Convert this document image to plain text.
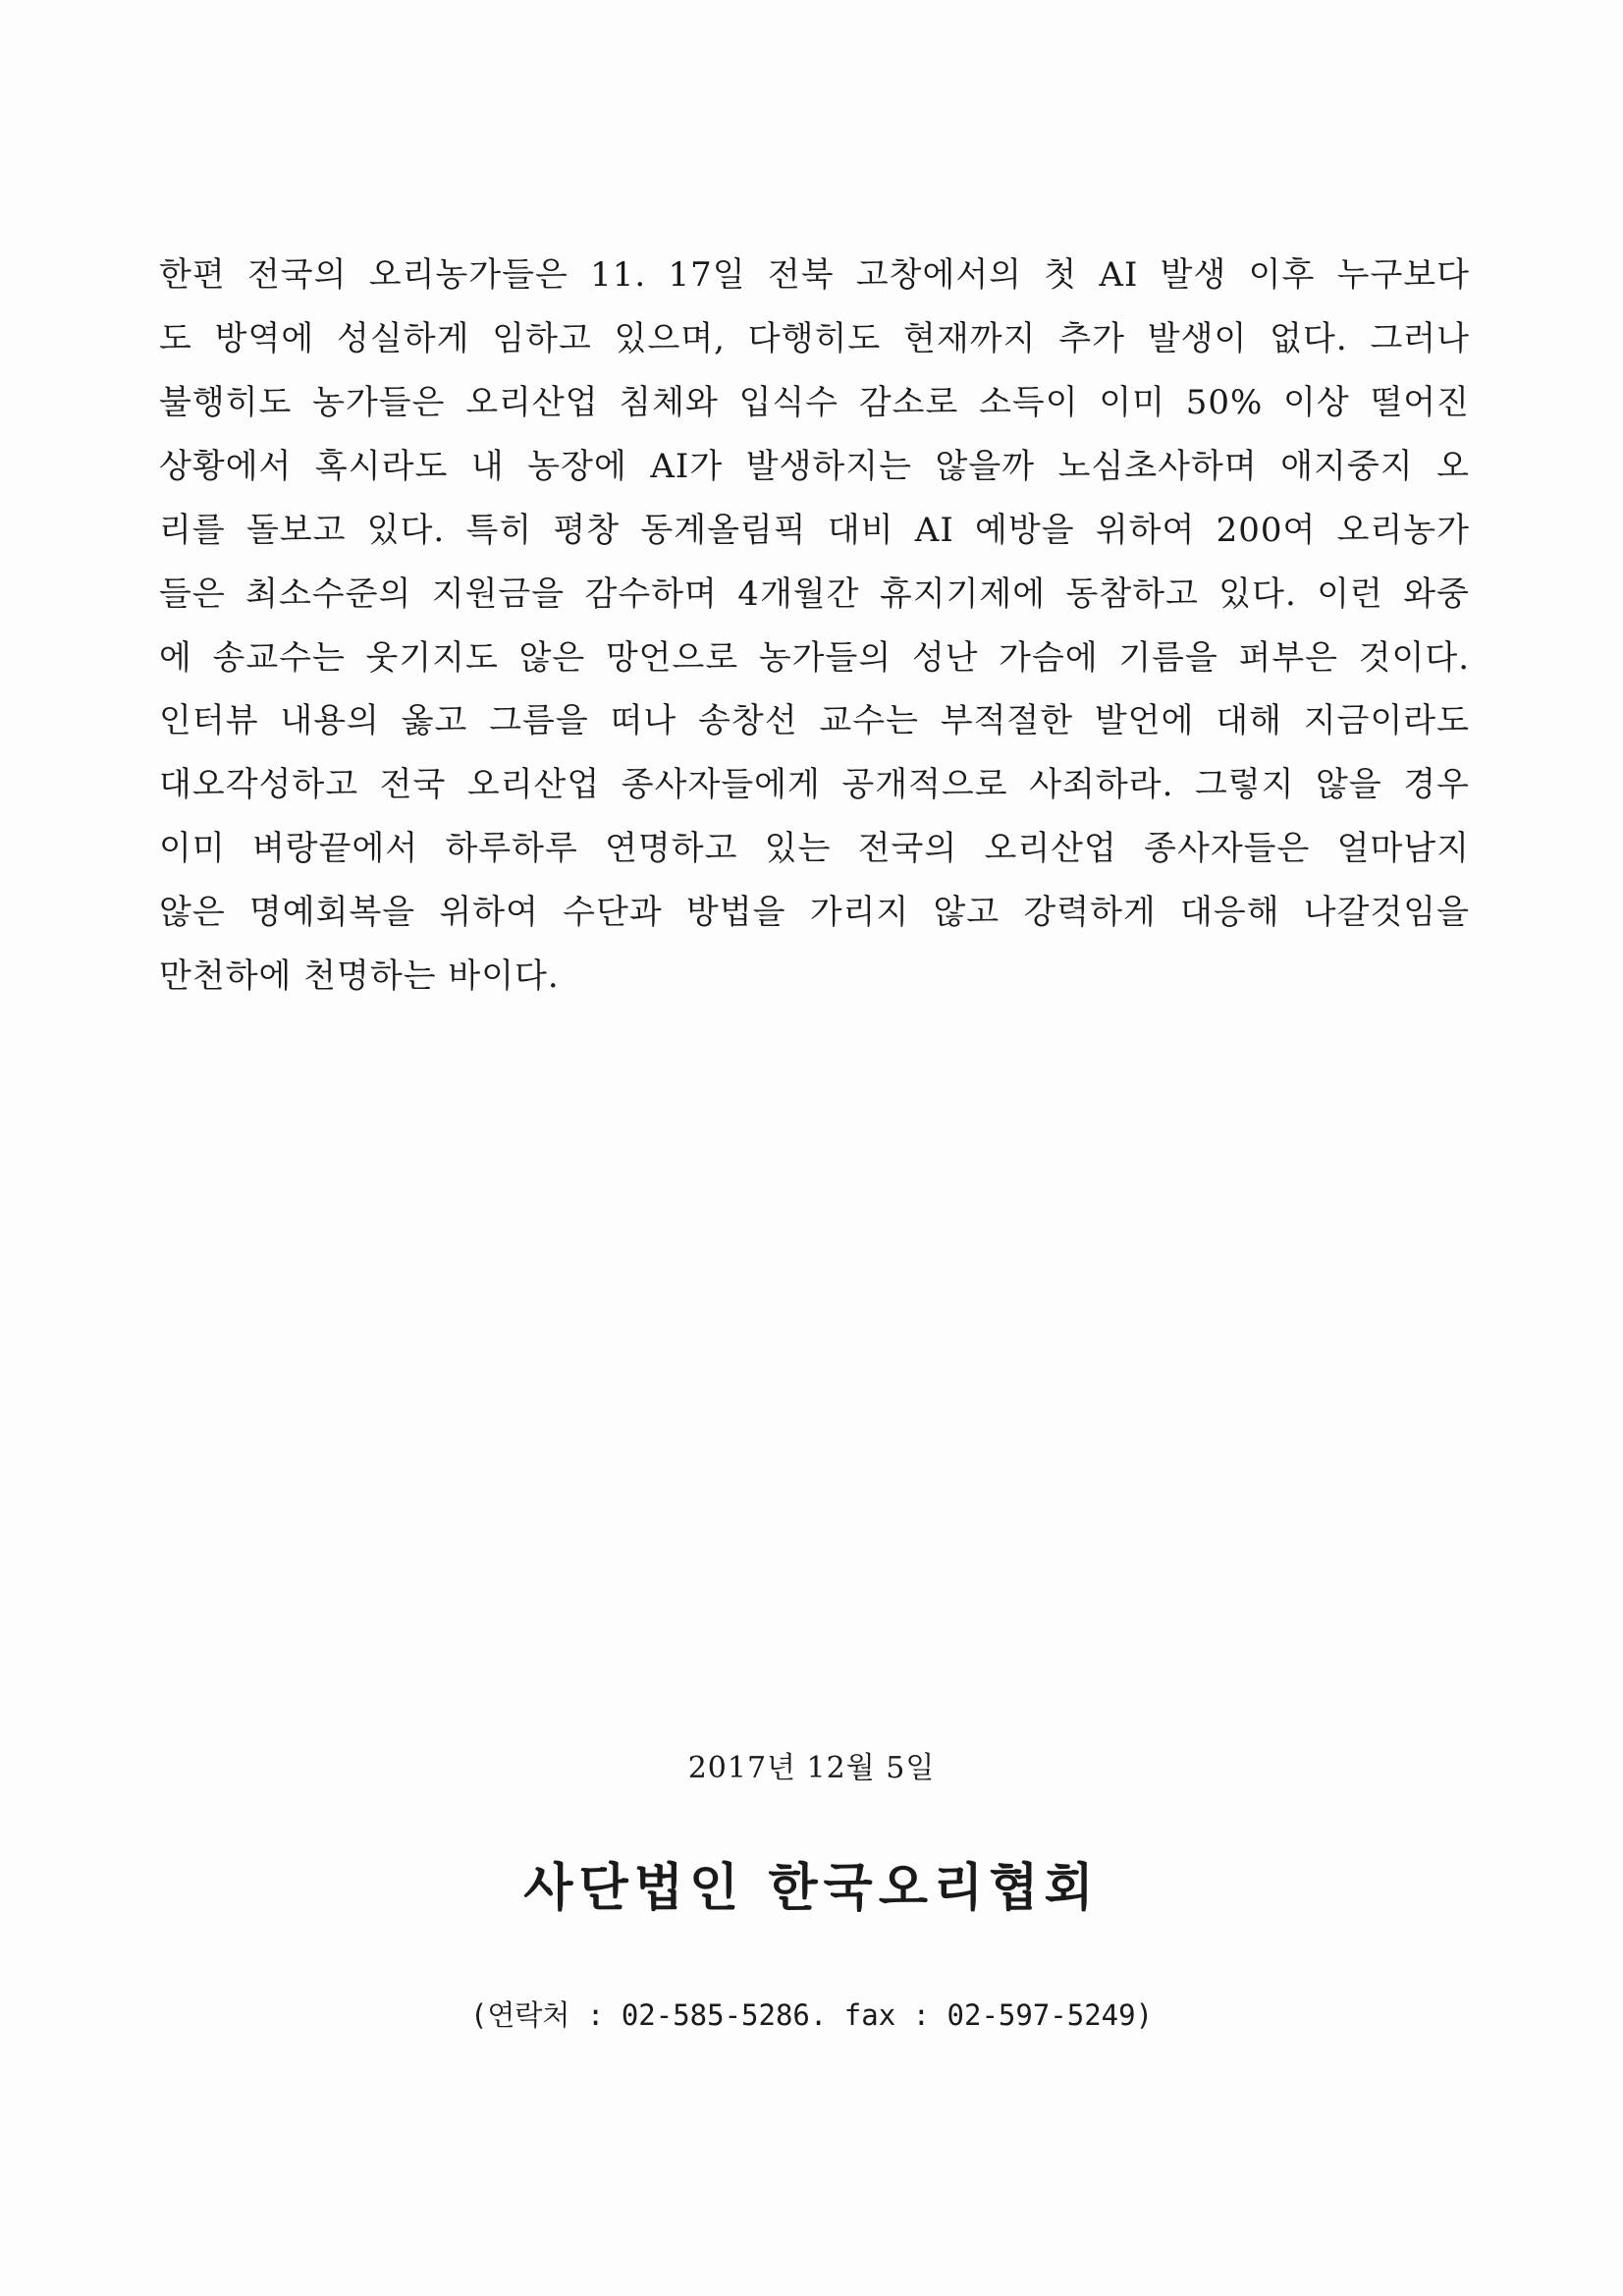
한편 전국의 오리농가들은 11. 17일 전북 고창에서의 첫 AI 발생 이후 누구보다
도 방역에 성실하게 임하고 있으며, 다행히도 현재까지 추가 발생이 없다. 그러나
불행히도 농가들은 오리산업 침체와 입식수 감소로 소득이 이미 50% 이상 떨어진
상황에서 혹시라도 내 농장에 AI가 발생하지는 않을까 노심초사하며 애지중지 오
리를 돌보고 있다. 특히 평창 동계올림픽 대비 AI 예방을 위하여 200여 오리농가
들은 최소수준의 지원금을 감수하며 4개월간 휴지기제에 동참하고 있다. 이런 와중
에 송교수는 웃기지도 않은 망언으로 농가들의 성난 가슴에 기름을 퍼부은 것이다.
인터뷰 내용의 옳고 그름을 떠나 송창선 교수는 부적절한 발언에 대해 지금이라도
대오각성하고 전국 오리산업 종사자들에게 공개적으로 사죄하라. 그렇지 않을 경우
이미 벼랑끝에서 하루하루 연명하고 있는 전국의 오리산업 종사자들은 얼마남지
않은 명예회복을 위하여 수단과 방법을 가리지 않고 강력하게 대응해 나갈것임을
만천하에 천명하는 바이다.
2017년 12월 5일
사단법인 한국오리협회
(연락처 : 02-585-5286. fax : 02-597-5249)
